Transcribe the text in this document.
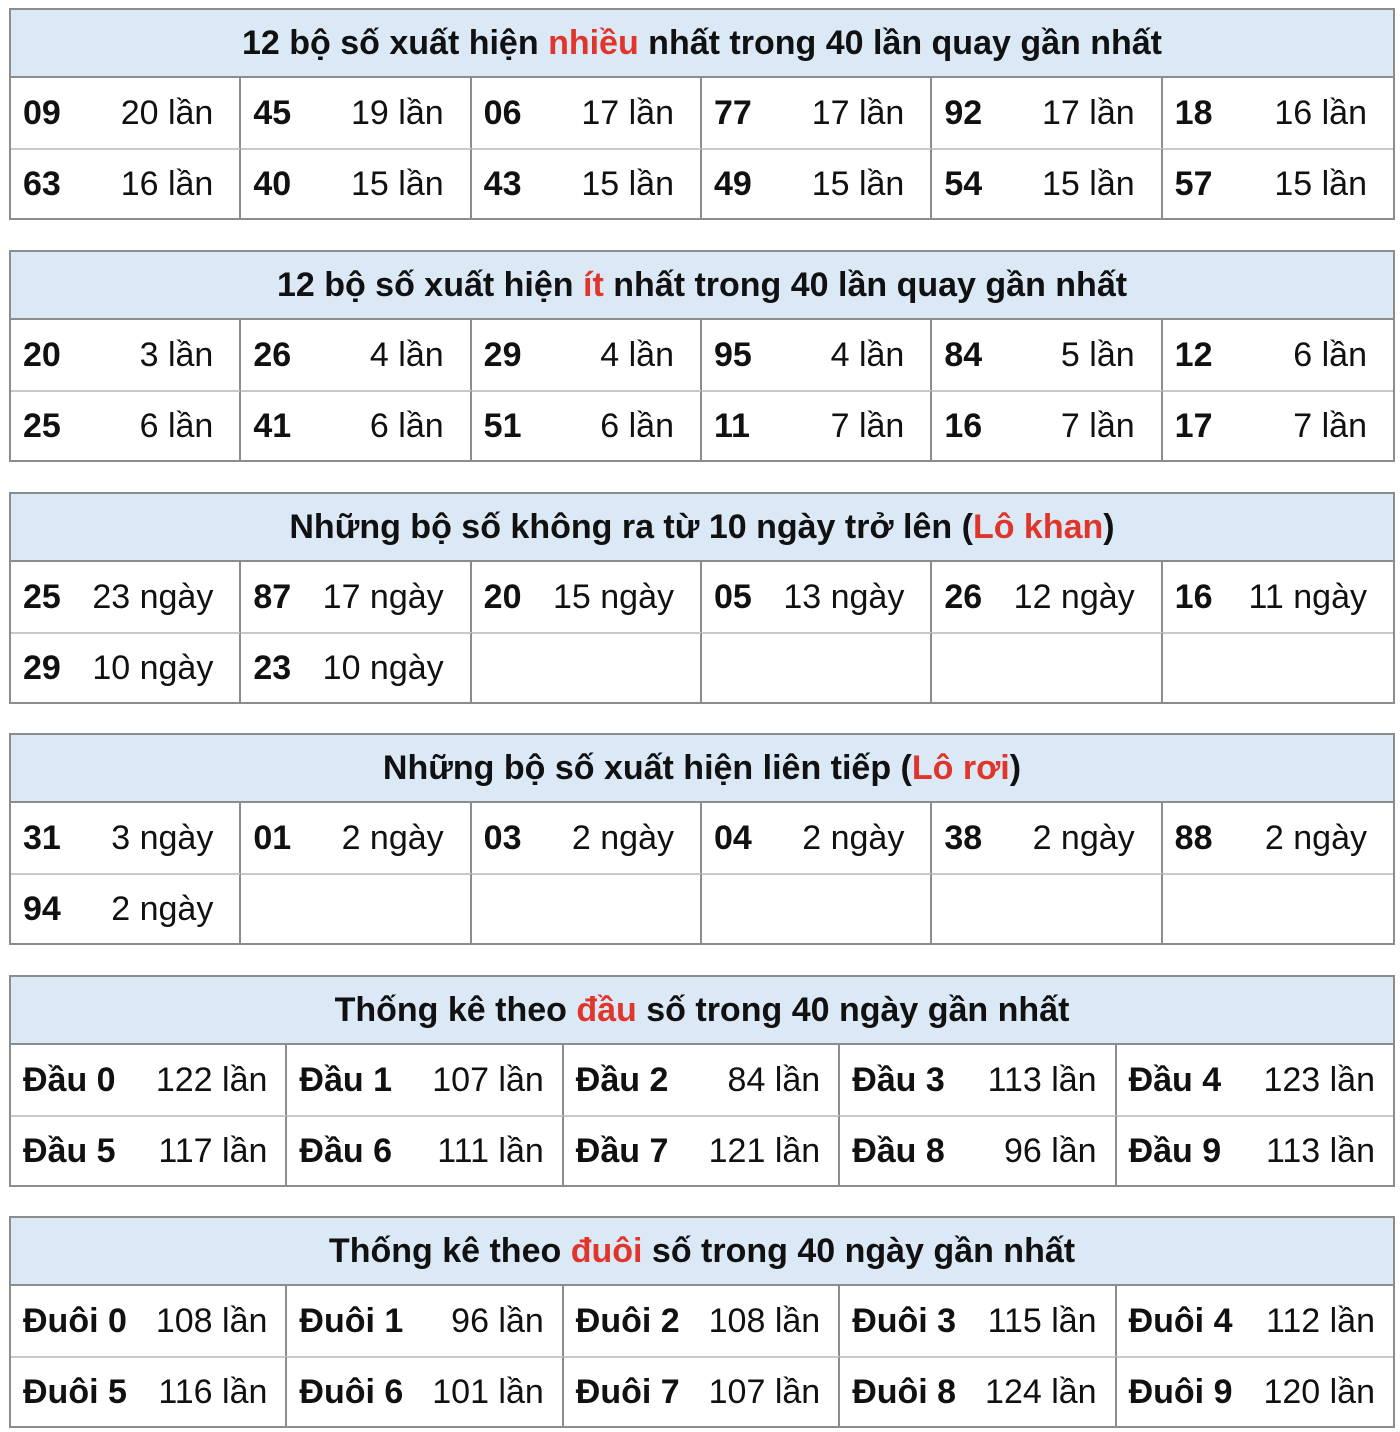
12 bộ số xuất hiện nhiều nhất trong 40 lần quay gần nhất
09	20 lần	45	19 lần	06	17 lần	77	17 lần	92	17 lần	18	16 lần
63	16 lần	40	15 lần	43	15 lần	49	15 lần	54	15 lần	57	15 lần
12 bộ số xuất hiện ít nhất trong 40 lần quay gần nhất
20	3 lần	26	4 lần	29	4 lần	95	4 lần	84	5 lần	12	6 lần
25	6 lần	41	6 lần	51	6 lần	11	7 lần	16	7 lần	17	7 lần
Những bộ số không ra từ 10 ngày trở lên ( Lô khan )
25 23 ngày	87 17 ngày	20 15 ngày	05 13 ngày	26 12 ngày	16	11 ngày
29 10 ngày	23 10 ngày
Những bộ số xuất hiện liên tiếp ( Lô rơi )
31	3 ngày	01	2 ngày	03	2 ngày	04	2 ngày	38	2 ngày	88	2 ngày
94	2 ngày
Thống kê theo đầu số trong 40 ngày gần nhất
Đầu 0	122 lần Đầu 1	107 lần Đầu 2	84 lần Đầu 3	113 lần Đầu 4	123 lần
Đầu 5	117 lần Đầu 6	111 lần Đầu 7	121 lần Đầu 8	96 lần Đầu 9	113 lần
Thống kê theo đuôi số trong 40 ngày gần nhất
Đuôi 0 108 lần Đuôi 1	96 lần Đuôi 2 108 lần Đuôi 3 115 lần Đuôi 4 112 lần
Đuôi 5 116 lần Đuôi 6 101 lần Đuôi 7 107 lần Đuôi 8 124 lần Đuôi 9 120 lần
